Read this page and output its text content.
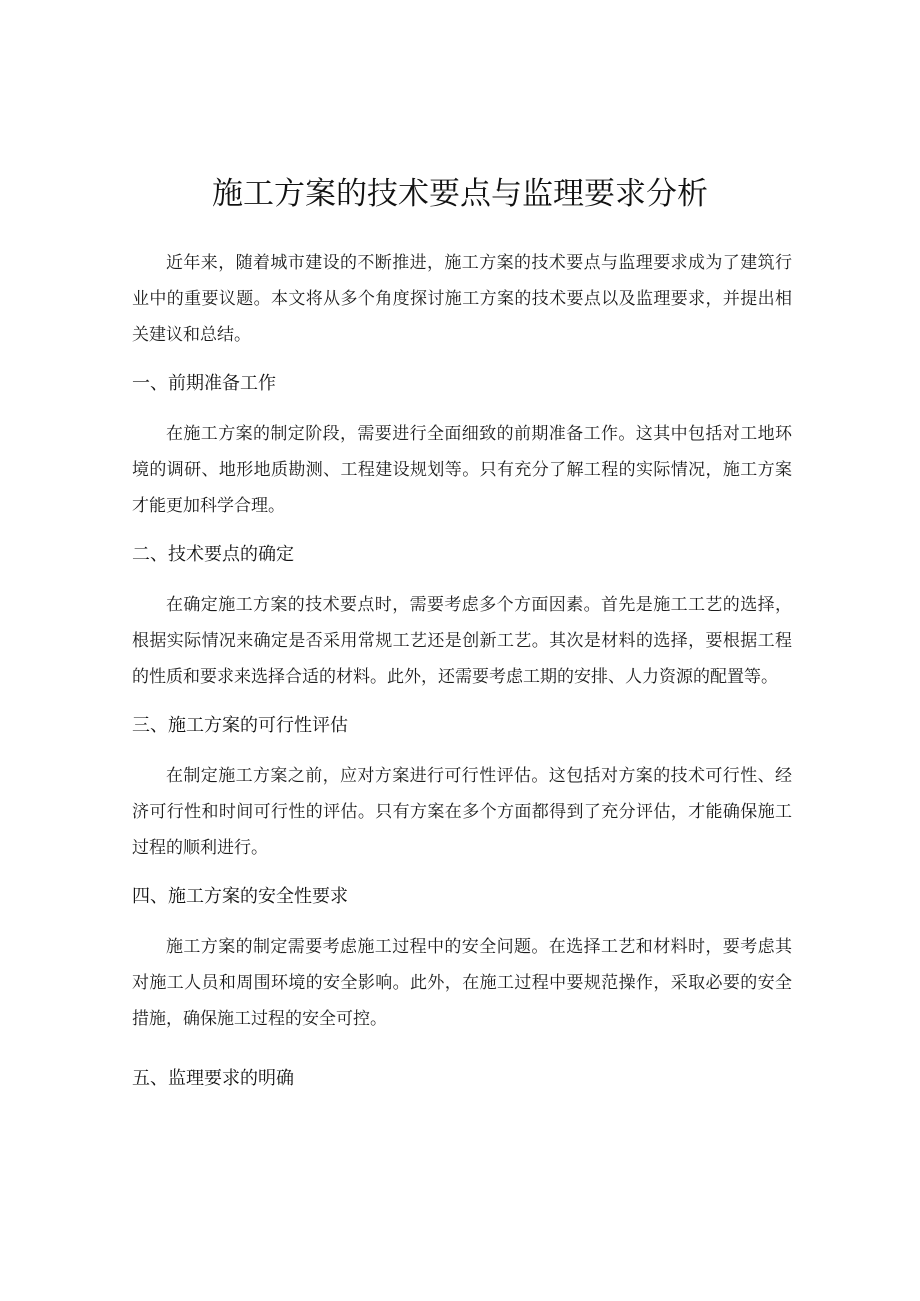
施工方案的技术要点与监理要求分析

近年来，随着城市建设的不断推进，施工方案的技术要点与监理要求成为了建筑行业中的重要议题。本文将从多个角度探讨施工方案的技术要点以及监理要求，并提出相关建议和总结。

一、前期准备工作

在施工方案的制定阶段，需要进行全面细致的前期准备工作。这其中包括对工地环境的调研、地形地质勘测、工程建设规划等。只有充分了解工程的实际情况，施工方案才能更加科学合理。

二、技术要点的确定

在确定施工方案的技术要点时，需要考虑多个方面因素。首先是施工工艺的选择，根据实际情况来确定是否采用常规工艺还是创新工艺。其次是材料的选择，要根据工程的性质和要求来选择合适的材料。此外，还需要考虑工期的安排、人力资源的配置等。

三、施工方案的可行性评估

在制定施工方案之前，应对方案进行可行性评估。这包括对方案的技术可行性、经济可行性和时间可行性的评估。只有方案在多个方面都得到了充分评估，才能确保施工过程的顺利进行。

四、施工方案的安全性要求

施工方案的制定需要考虑施工过程中的安全问题。在选择工艺和材料时，要考虑其对施工人员和周围环境的安全影响。此外，在施工过程中要规范操作，采取必要的安全措施，确保施工过程的安全可控。

五、监理要求的明确
